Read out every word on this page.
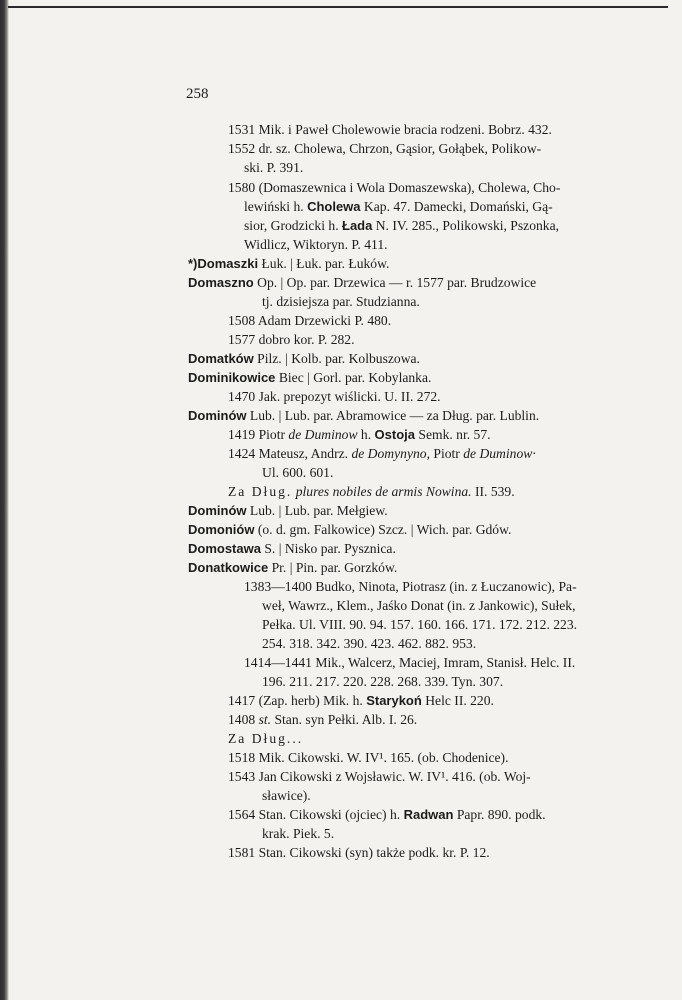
258
1531 Mik. i Paweł Cholewowie bracia rodzeni. Bobrz. 432.
1552 dr. sz. Cholewa, Chrzon, Gąsior, Gołąbek, Polikow-
ski. P. 391.
1580 (Domaszewnica i Wola Domaszewska), Cholewa, Cho-
lewiński h. Cholewa Kap. 47. Damecki, Domański, Gą-
sior, Grodzicki h. Łada N. IV. 285., Polikowski, Pszonka,
Widlicz, Wiktoryn. P. 411.
*)Domaszki Łuk. | Łuk. par. Łuków.
Domaszno Op. | Op. par. Drzewica — r. 1577 par. Brudzowice
tj. dzisiejsza par. Studzianna.
1508 Adam Drzewicki P. 480.
1577 dobro kor. P. 282.
Domatków Pilz. | Kolb. par. Kolbuszowa.
Dominikowice Biec | Gorl. par. Kobylanka.
1470 Jak. prepozyt wiślicki. U. II. 272.
Dominów Lub. | Lub. par. Abramowice — za Dług. par. Lublin.
1419 Piotr de Duminow h. Ostoja Semk. nr. 57.
1424 Mateusz, Andrz. de Domynyno, Piotr de Duminow·
Ul. 600. 601.
Za Dług. plures nobiles de armis Nowina. II. 539.
Dominów Lub. | Lub. par. Mełgiew.
Domoniów (o. d. gm. Falkowice) Szcz. | Wich. par. Gdów.
Domostawa S. | Nisko par. Pysznica.
Donatkowice Pr. | Pin. par. Gorzków.
1383—1400 Budko, Ninota, Piotrasz (in. z Łuczanowic), Pa-
weł, Wawrz., Klem., Jaśko Donat (in. z Jankowic), Sułek,
Pełka. Ul. VIII. 90. 94. 157. 160. 166. 171. 172. 212. 223.
254. 318. 342. 390. 423. 462. 882. 953.
1414—1441 Mik., Walcerz, Maciej, Imram, Stanisł. Helc. II.
196. 211. 217. 220. 228. 268. 339. Tyn. 307.
1417 (Zap. herb) Mik. h. Starykoń Helc II. 220.
1408 st. Stan. syn Pełki. Alb. I. 26.
Za Dług...
1518 Mik. Cikowski. W. IV¹. 165. (ob. Chodenice).
1543 Jan Cikowski z Wojsławic. W. IV¹. 416. (ob. Woj-
sławice).
1564 Stan. Cikowski (ojciec) h. Radwan Papr. 890. podk.
krak. Piek. 5.
1581 Stan. Cikowski (syn) także podk. kr. P. 12.
